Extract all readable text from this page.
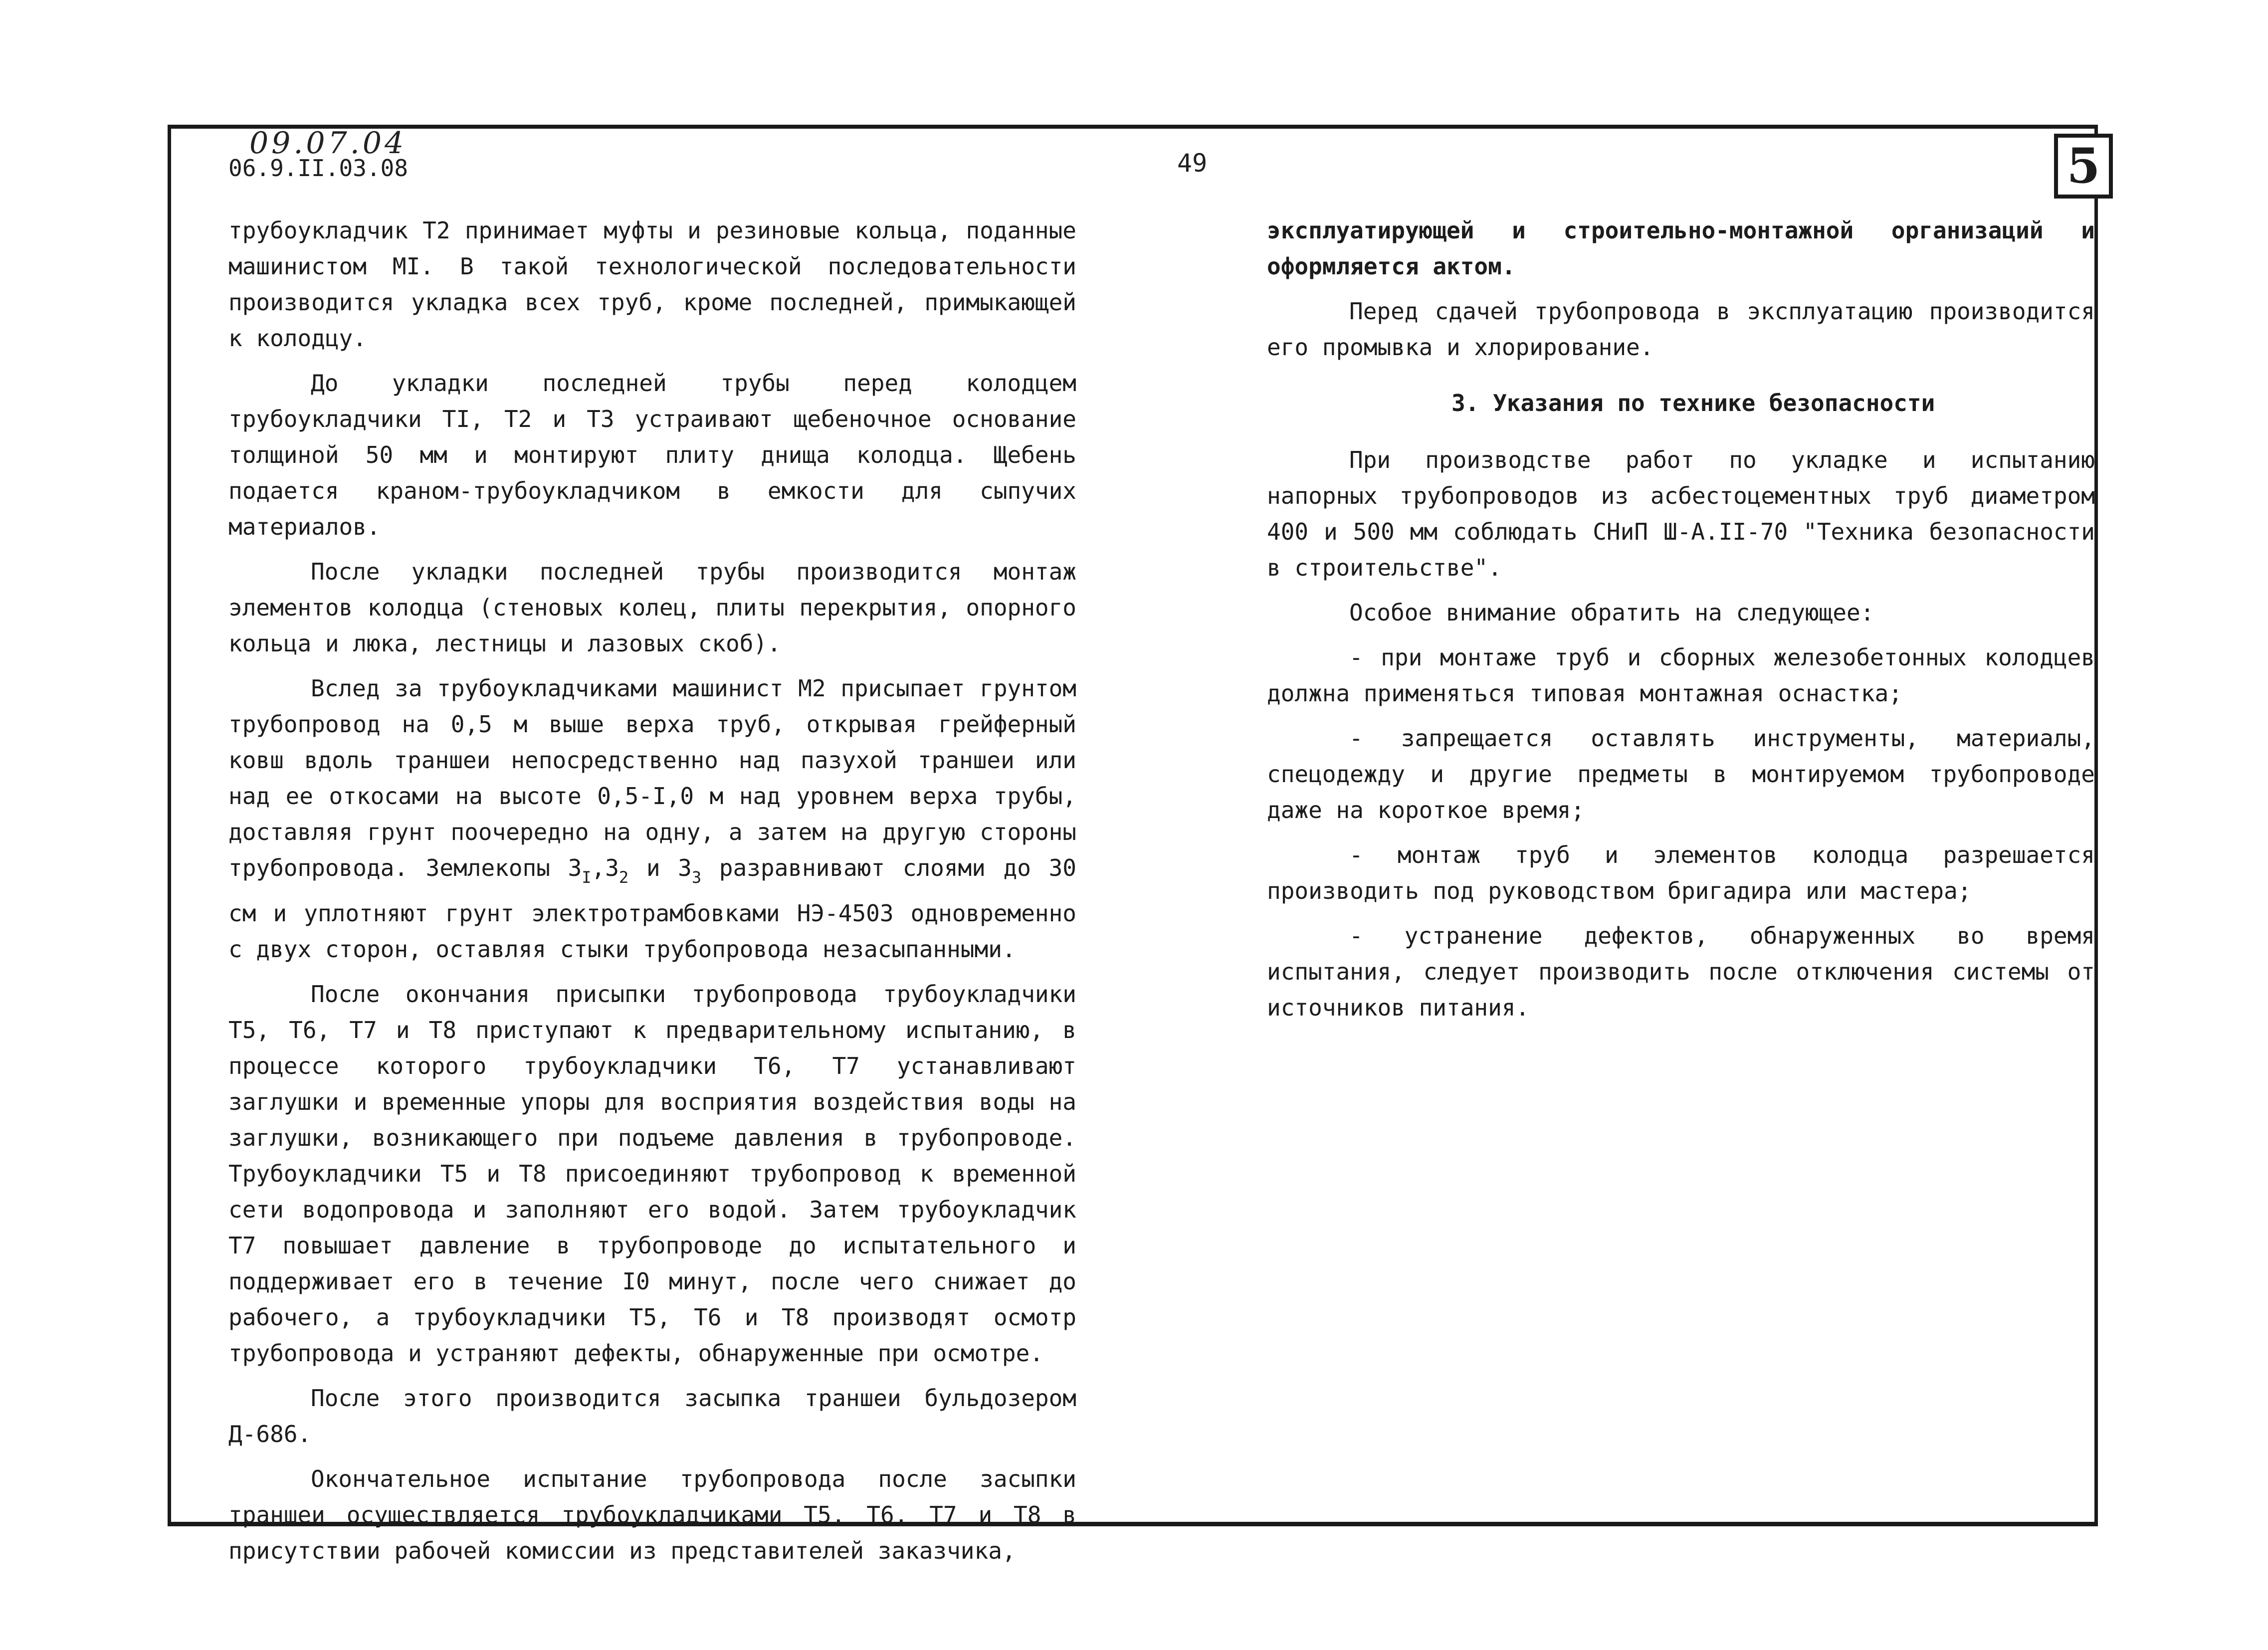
09.07.04
06.9.II.03.08	49	5

трубоукладчик Т2 принимает муфты и резиновые кольца, поданные машинистом МI. В такой технологической последовательности производится укладка всех труб, кроме последней, примыкающей к колодцу.

До укладки последней трубы перед колодцем трубоукладчики ТI, Т2 и Т3 устраивают щебеночное основание толщиной 50 мм и монтируют плиту днища колодца. Щебень подается краном-трубоукладчиком в емкости для сыпучих материалов.

После укладки последней трубы производится монтаж элементов колодца (стеновых колец, плиты перекрытия, опорного кольца и люка, лестницы и лазовых скоб).

Вслед за трубоукладчиками машинист М2 присыпает грунтом трубопровод на 0,5 м выше верха труб, открывая грейферный ковш вдоль траншеи непосредственно над пазухой траншеи или над ее откосами на высоте 0,5-I,0 м над уровнем верха трубы, доставляя грунт поочередно на одну, а затем на другую стороны трубопровода. Землекопы $З_I,З_2$ и $З_3$ разравнивают слоями до 30 см и уплотняют грунт электротрамбовками НЭ-4503 одновременно с двух сторон, оставляя стыки трубопровода незасыпанными.

После окончания присыпки трубопровода трубоукладчики Т5, Т6, Т7 и Т8 приступают к предварительному испытанию, в процессе которого трубоукладчики Т6, Т7 устанавливают заглушки и временные упоры для восприятия воздействия воды на заглушки, возникающего при подъеме давления в трубопроводе. Трубоукладчики Т5 и Т8 присоединяют трубопровод к временной сети водопровода и заполняют его водой. Затем трубоукладчик Т7 повышает давление в трубопроводе до испытательного и поддерживает его в течение I0 минут, после чего снижает до рабочего, а трубоукладчики Т5, Т6 и Т8 производят осмотр трубопровода и устраняют дефекты, обнаруженные при осмотре.

После этого производится засыпка траншеи бульдозером Д-686.

Окончательное испытание трубопровода после засыпки траншеи осуществляется трубоукладчиками Т5, Т6, Т7 и Т8 в присутствии рабочей комиссии из представителей заказчика,

эксплуатирующей и строительно-монтажной организаций и оформляется актом.

Перед сдачей трубопровода в эксплуатацию производится его промывка и хлорирование.

3. Указания по технике безопасности

При производстве работ по укладке и испытанию напорных трубопроводов из асбестоцементных труб диаметром 400 и 500 мм соблюдать СНиП Ш-А.II-70 "Техника безопасности в строительстве".

Особое внимание обратить на следующее:

- при монтаже труб и сборных железобетонных колодцев должна применяться типовая монтажная оснастка;

- запрещается оставлять инструменты, материалы, спецодежду и другие предметы в монтируемом трубопроводе даже на короткое время;

- монтаж труб и элементов колодца разрешается производить под руководством бригадира или мастера;

- устранение дефектов, обнаруженных во время испытания, следует производить после отключения системы от источников питания.
